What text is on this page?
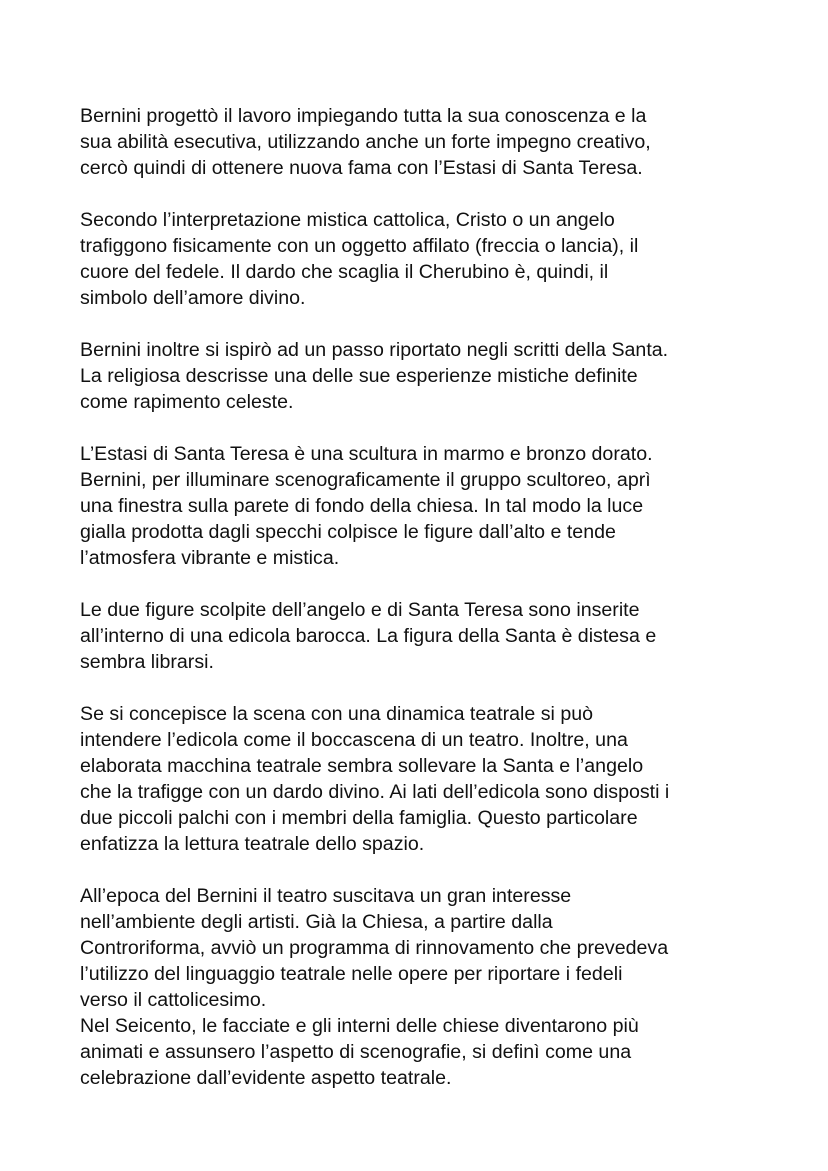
Bernini progettò il lavoro impiegando tutta la sua conoscenza e la
sua abilità esecutiva, utilizzando anche un forte impegno creativo,
cercò quindi di ottenere nuova fama con l’Estasi di Santa Teresa.

Secondo l’interpretazione mistica cattolica, Cristo o un angelo
trafiggono fisicamente con un oggetto affilato (freccia o lancia), il
cuore del fedele. Il dardo che scaglia il Cherubino è, quindi, il
simbolo dell’amore divino.

Bernini inoltre si ispirò ad un passo riportato negli scritti della Santa.
La religiosa descrisse una delle sue esperienze mistiche definite
come rapimento celeste.

L’Estasi di Santa Teresa è una scultura in marmo e bronzo dorato.
Bernini, per illuminare scenograficamente il gruppo scultoreo, aprì
una finestra sulla parete di fondo della chiesa. In tal modo la luce
gialla prodotta dagli specchi colpisce le figure dall’alto e tende
l’atmosfera vibrante e mistica.

Le due figure scolpite dell’angelo e di Santa Teresa sono inserite
all’interno di una edicola barocca. La figura della Santa è distesa e
sembra librarsi.

Se si concepisce la scena con una dinamica teatrale si può
intendere l’edicola come il boccascena di un teatro. Inoltre, una
elaborata macchina teatrale sembra sollevare la Santa e l’angelo
che la trafigge con un dardo divino. Ai lati dell’edicola sono disposti i
due piccoli palchi con i membri della famiglia. Questo particolare
enfatizza la lettura teatrale dello spazio.

All’epoca del Bernini il teatro suscitava un gran interesse
nell’ambiente degli artisti. Già la Chiesa, a partire dalla
Controriforma, avviò un programma di rinnovamento che prevedeva
l’utilizzo del linguaggio teatrale nelle opere per riportare i fedeli
verso il cattolicesimo.

Nel Seicento, le facciate e gli interni delle chiese diventarono più
animati e assunsero l’aspetto di scenografie, si definì come una
celebrazione dall’evidente aspetto teatrale.
